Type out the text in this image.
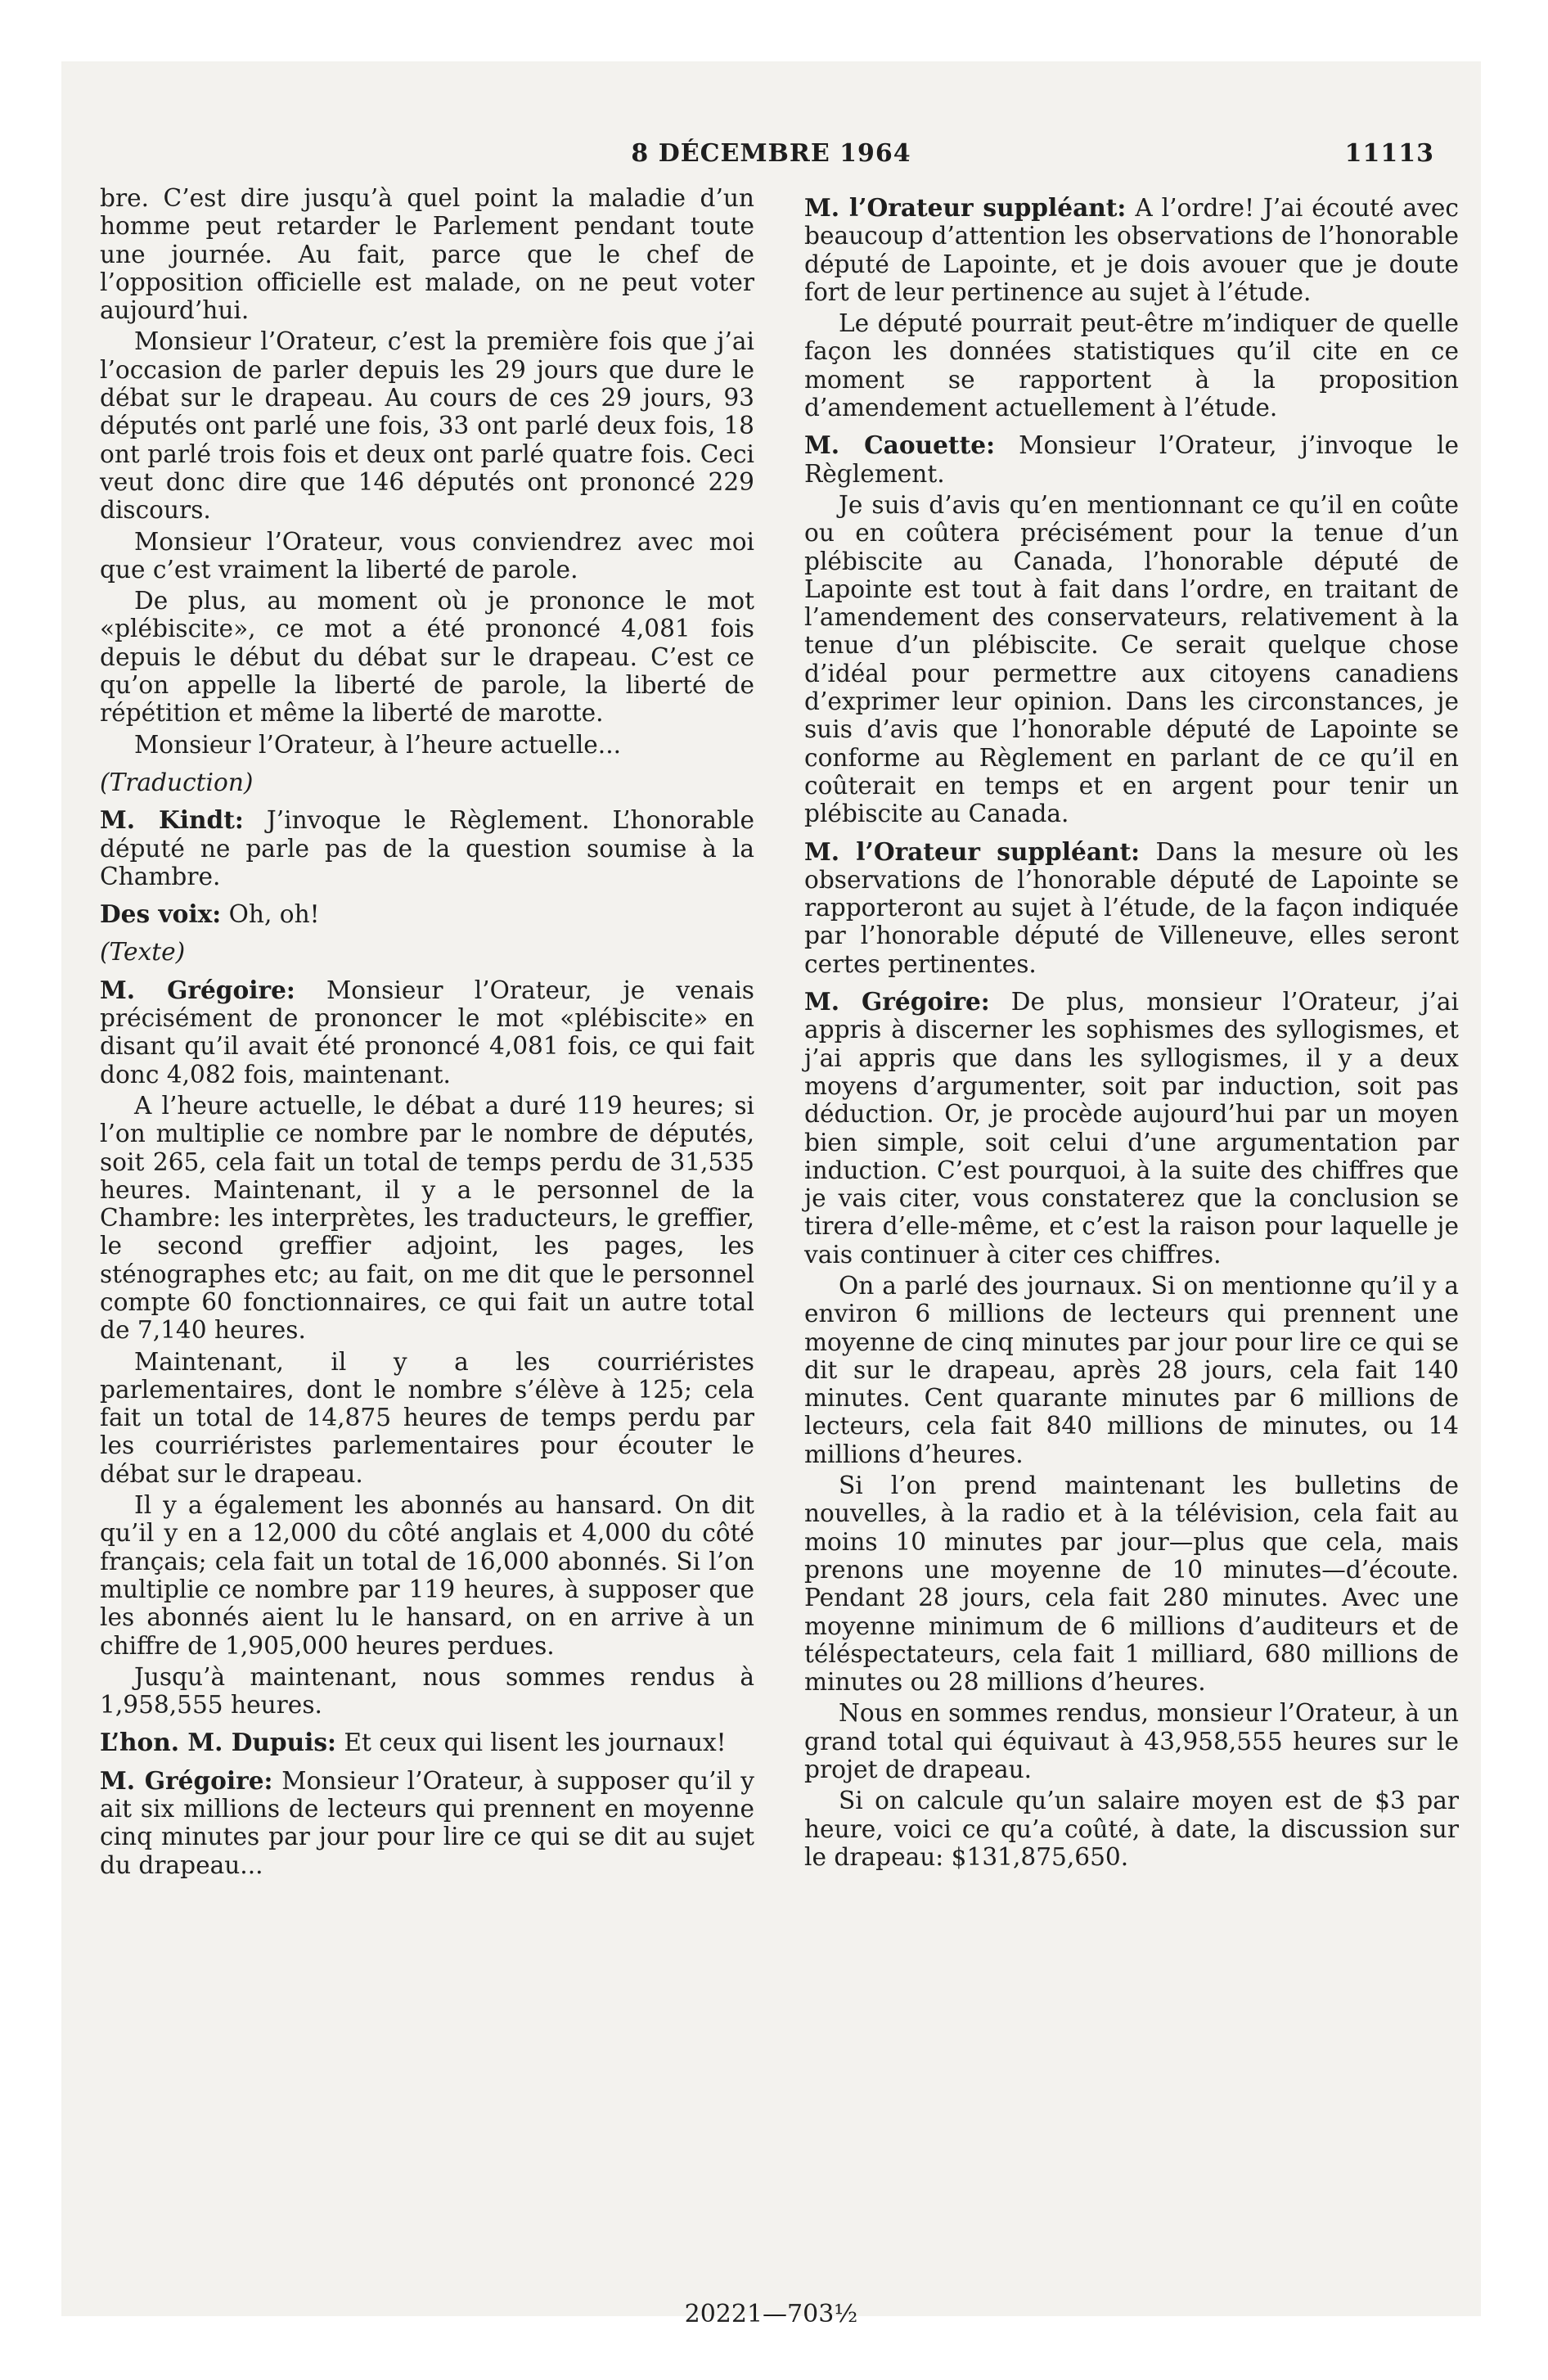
8 DÉCEMBRE 1964	11113

bre. C’est dire jusqu’à quel point la maladie d’un homme peut retarder le Parlement pendant toute une journée. Au fait, parce que le chef de l’opposition officielle est malade, on ne peut voter aujourd’hui.

Monsieur l’Orateur, c’est la première fois que j’ai l’occasion de parler depuis les 29 jours que dure le débat sur le drapeau. Au cours de ces 29 jours, 93 députés ont parlé une fois, 33 ont parlé deux fois, 18 ont parlé trois fois et deux ont parlé quatre fois. Ceci veut donc dire que 146 députés ont prononcé 229 discours.

Monsieur l’Orateur, vous conviendrez avec moi que c’est vraiment la liberté de parole.

De plus, au moment où je prononce le mot «plébiscite», ce mot a été prononcé 4,081 fois depuis le début du débat sur le drapeau. C’est ce qu’on appelle la liberté de parole, la liberté de répétition et même la liberté de marotte.

Monsieur l’Orateur, à l’heure actuelle...

(Traduction)

M. Kindt: J’invoque le Règlement. L’honorable député ne parle pas de la question soumise à la Chambre.

Des voix: Oh, oh!

(Texte)

M. Grégoire: Monsieur l’Orateur, je venais précisément de prononcer le mot «plébiscite» en disant qu’il avait été prononcé 4,081 fois, ce qui fait donc 4,082 fois, maintenant.

A l’heure actuelle, le débat a duré 119 heures; si l’on multiplie ce nombre par le nombre de députés, soit 265, cela fait un total de temps perdu de 31,535 heures. Maintenant, il y a le personnel de la Chambre: les interprètes, les traducteurs, le greffier, le second greffier adjoint, les pages, les sténographes etc; au fait, on me dit que le personnel compte 60 fonctionnaires, ce qui fait un autre total de 7,140 heures.

Maintenant, il y a les courriéristes parlementaires, dont le nombre s’élève à 125; cela fait un total de 14,875 heures de temps perdu par les courriéristes parlementaires pour écouter le débat sur le drapeau.

Il y a également les abonnés au hansard. On dit qu’il y en a 12,000 du côté anglais et 4,000 du côté français; cela fait un total de 16,000 abonnés. Si l’on multiplie ce nombre par 119 heures, à supposer que les abonnés aient lu le hansard, on en arrive à un chiffre de 1,905,000 heures perdues.

Jusqu’à maintenant, nous sommes rendus à 1,958,555 heures.

L’hon. M. Dupuis: Et ceux qui lisent les journaux!

M. Grégoire: Monsieur l’Orateur, à supposer qu’il y ait six millions de lecteurs qui prennent en moyenne cinq minutes par jour pour lire ce qui se dit au sujet du drapeau...

M. l’Orateur suppléant: A l’ordre! J’ai écouté avec beaucoup d’attention les observations de l’honorable député de Lapointe, et je dois avouer que je doute fort de leur pertinence au sujet à l’étude.

Le député pourrait peut-être m’indiquer de quelle façon les données statistiques qu’il cite en ce moment se rapportent à la proposition d’amendement actuellement à l’étude.

M. Caouette: Monsieur l’Orateur, j’invoque le Règlement.

Je suis d’avis qu’en mentionnant ce qu’il en coûte ou en coûtera précisément pour la tenue d’un plébiscite au Canada, l’honorable député de Lapointe est tout à fait dans l’ordre, en traitant de l’amendement des conservateurs, relativement à la tenue d’un plébiscite. Ce serait quelque chose d’idéal pour permettre aux citoyens canadiens d’exprimer leur opinion. Dans les circonstances, je suis d’avis que l’honorable député de Lapointe se conforme au Règlement en parlant de ce qu’il en coûterait en temps et en argent pour tenir un plébiscite au Canada.

M. l’Orateur suppléant: Dans la mesure où les observations de l’honorable député de Lapointe se rapporteront au sujet à l’étude, de la façon indiquée par l’honorable député de Villeneuve, elles seront certes pertinentes.

M. Grégoire: De plus, monsieur l’Orateur, j’ai appris à discerner les sophismes des syllogismes, et j’ai appris que dans les syllogismes, il y a deux moyens d’argumenter, soit par induction, soit pas déduction. Or, je procède aujourd’hui par un moyen bien simple, soit celui d’une argumentation par induction. C’est pourquoi, à la suite des chiffres que je vais citer, vous constaterez que la conclusion se tirera d’elle-même, et c’est la raison pour laquelle je vais continuer à citer ces chiffres.

On a parlé des journaux. Si on mentionne qu’il y a environ 6 millions de lecteurs qui prennent une moyenne de cinq minutes par jour pour lire ce qui se dit sur le drapeau, après 28 jours, cela fait 140 minutes. Cent quarante minutes par 6 millions de lecteurs, cela fait 840 millions de minutes, ou 14 millions d’heures.

Si l’on prend maintenant les bulletins de nouvelles, à la radio et à la télévision, cela fait au moins 10 minutes par jour—plus que cela, mais prenons une moyenne de 10 minutes—d’écoute. Pendant 28 jours, cela fait 280 minutes. Avec une moyenne minimum de 6 millions d’auditeurs et de téléspectateurs, cela fait 1 milliard, 680 millions de minutes ou 28 millions d’heures.

Nous en sommes rendus, monsieur l’Orateur, à un grand total qui équivaut à 43,958,555 heures sur le projet de drapeau.

Si on calcule qu’un salaire moyen est de $3 par heure, voici ce qu’a coûté, à date, la discussion sur le drapeau: $131,875,650.

20221—703½
